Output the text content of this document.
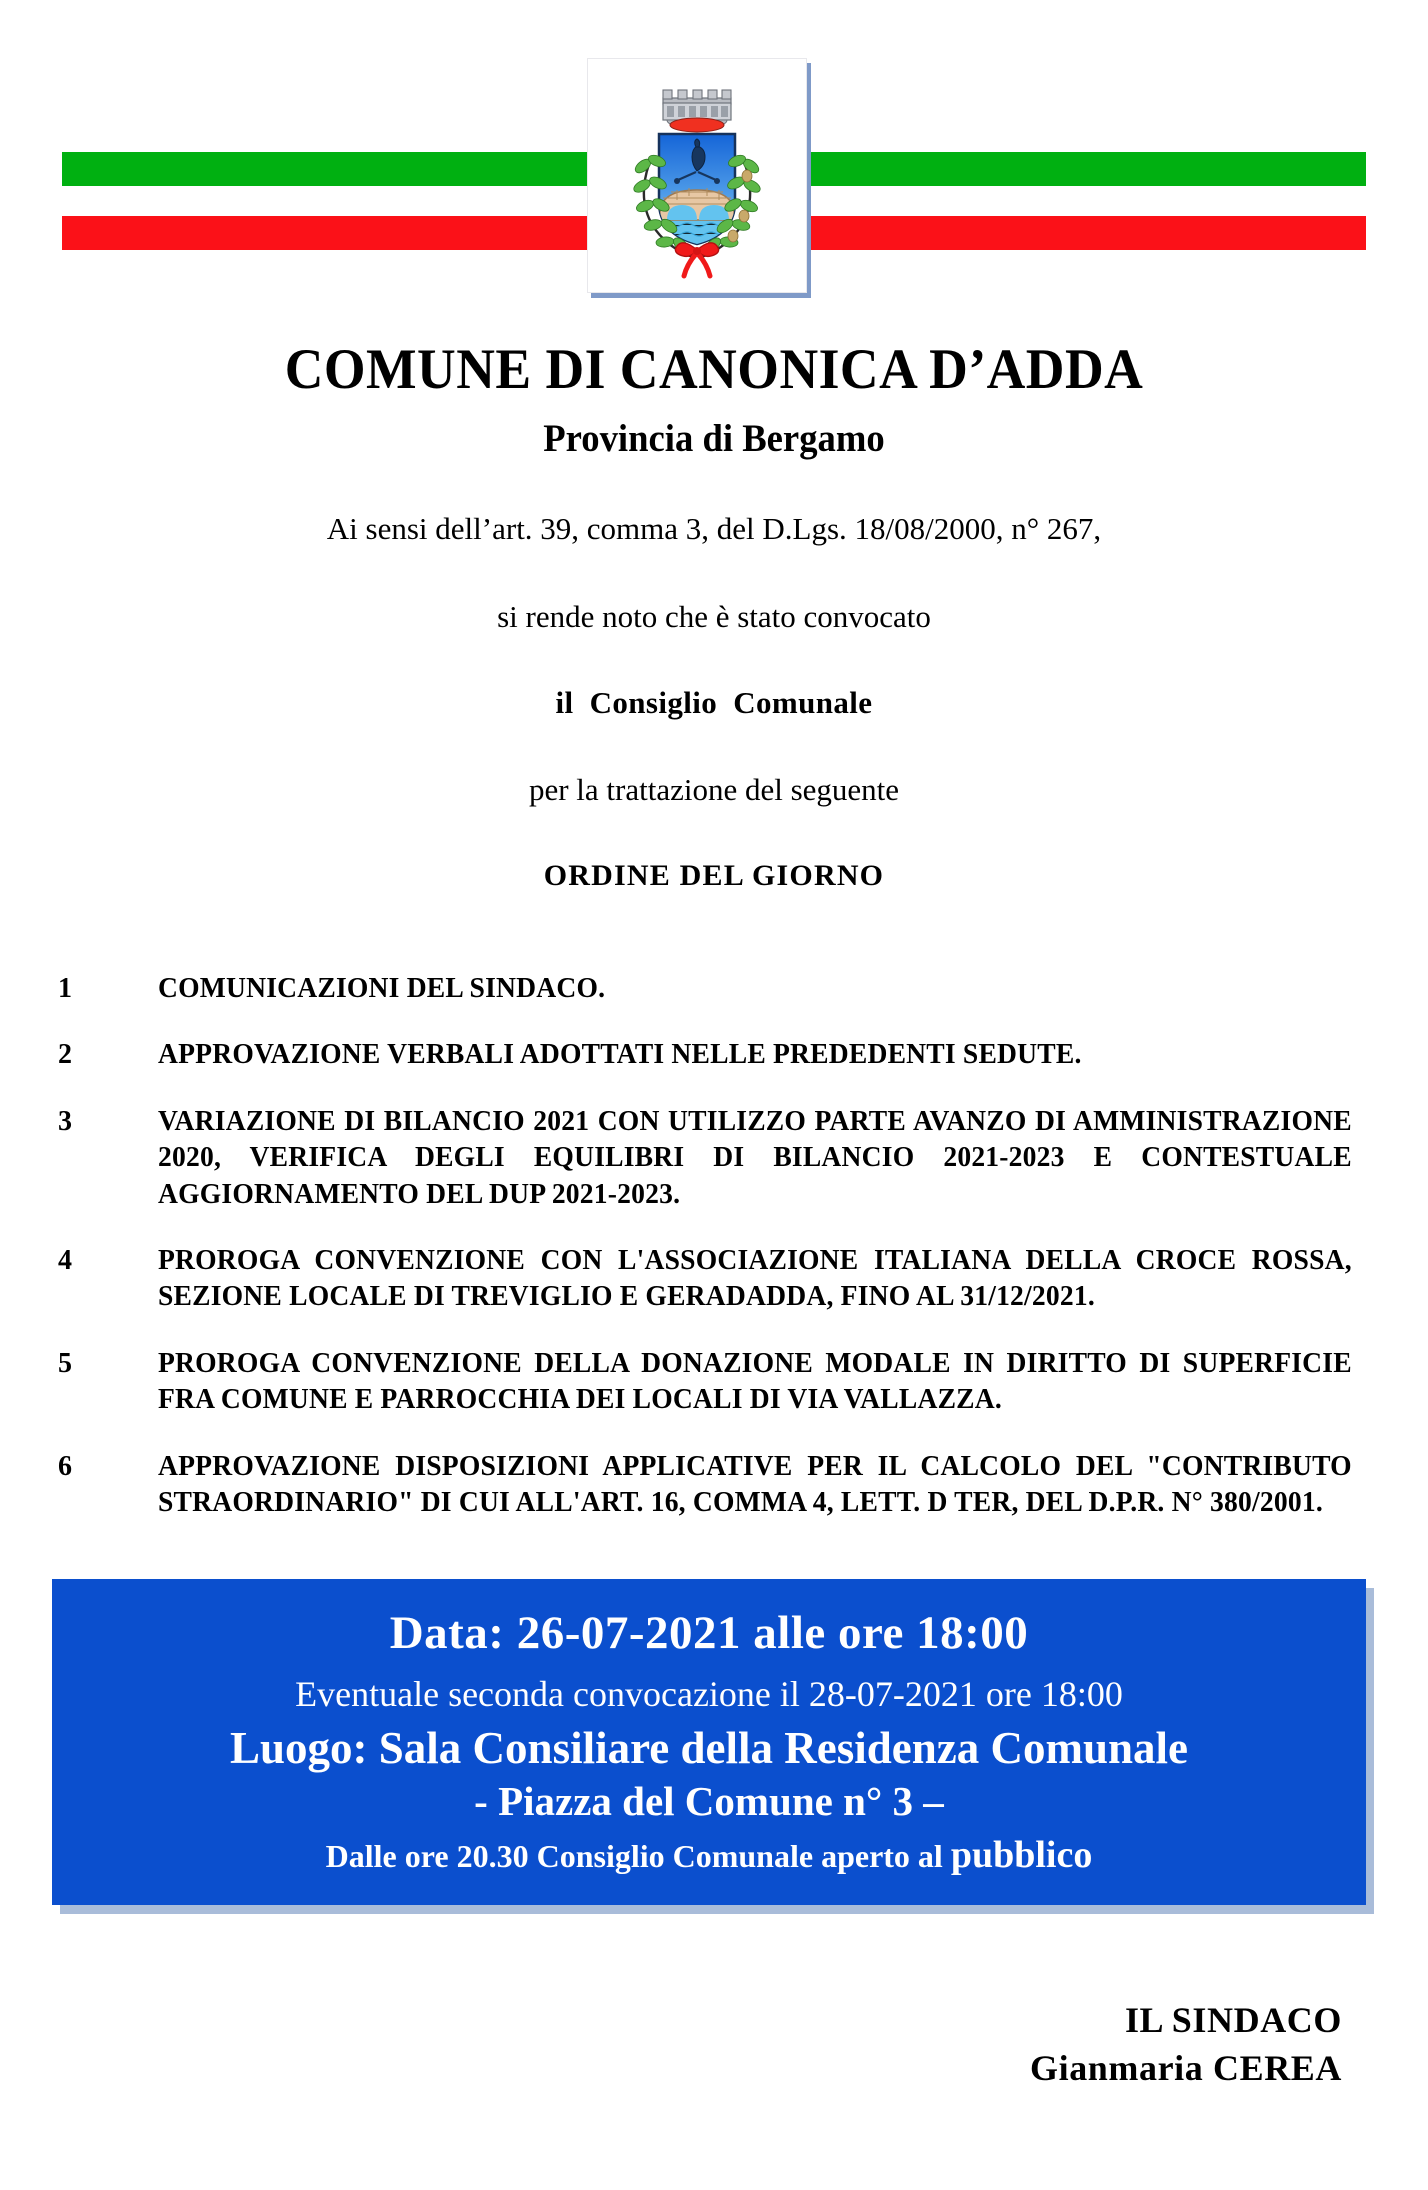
COMUNE DI CANONICA D’ADDA
Provincia di Bergamo
Ai sensi dell’art. 39, comma 3, del D.Lgs. 18/08/2000, n° 267,
si rende noto che è stato convocato
il Consiglio Comunale
per la trattazione del seguente
ORDINE DEL GIORNO
1	COMUNICAZIONI DEL SINDACO.
2	APPROVAZIONE VERBALI ADOTTATI NELLE PREDEDENTI SEDUTE.
3	VARIAZIONE DI BILANCIO 2021 CON UTILIZZO PARTE AVANZO DI AMMINISTRAZIONE 2020, VERIFICA DEGLI EQUILIBRI DI BILANCIO 2021-2023 E CONTESTUALE AGGIORNAMENTO DEL DUP 2021-2023.
4	PROROGA CONVENZIONE CON L'ASSOCIAZIONE ITALIANA DELLA CROCE ROSSA, SEZIONE LOCALE DI TREVIGLIO E GERADADDA, FINO AL 31/12/2021.
5	PROROGA CONVENZIONE DELLA DONAZIONE MODALE IN DIRITTO DI SUPERFICIE FRA COMUNE E PARROCCHIA DEI LOCALI DI VIA VALLAZZA.
6	APPROVAZIONE DISPOSIZIONI APPLICATIVE PER IL CALCOLO DEL "CONTRIBUTO STRAORDINARIO" DI CUI ALL'ART. 16, COMMA 4, LETT. D TER, DEL D.P.R. N° 380/2001.
Data: 26-07-2021 alle ore 18:00
Eventuale seconda convocazione il 28-07-2021 ore 18:00
Luogo: Sala Consiliare della Residenza Comunale
- Piazza del Comune n° 3 –
Dalle ore 20.30 Consiglio Comunale aperto al pubblico
IL SINDACO
Gianmaria CEREA
